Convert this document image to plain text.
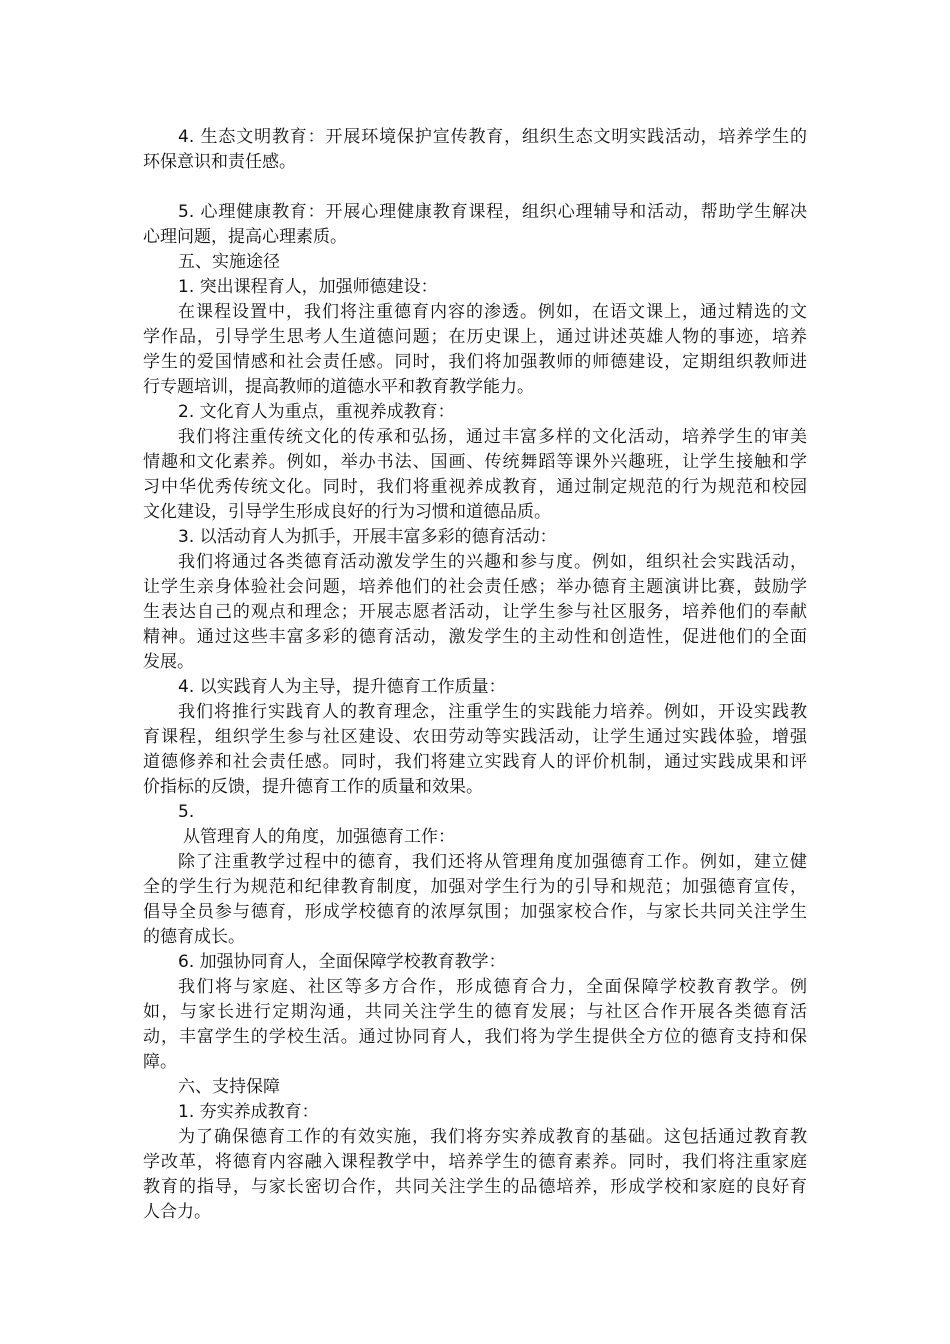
4. 生态文明教育：开展环境保护宣传教育，组织生态文明实践活动，培养学生的
环保意识和责任感。
5. 心理健康教育：开展心理健康教育课程，组织心理辅导和活动，帮助学生解决
心理问题，提高心理素质。
五、实施途径
1. 突出课程育人，加强师德建设：
在课程设置中，我们将注重德育内容的渗透。例如，在语文课上，通过精选的文
学作品，引导学生思考人生道德问题；在历史课上，通过讲述英雄人物的事迹，培养
学生的爱国情感和社会责任感。同时，我们将加强教师的师德建设，定期组织教师进
行专题培训，提高教师的道德水平和教育教学能力。
2. 文化育人为重点，重视养成教育：
我们将注重传统文化的传承和弘扬，通过丰富多样的文化活动，培养学生的审美
情趣和文化素养。例如，举办书法、国画、传统舞蹈等课外兴趣班，让学生接触和学
习中华优秀传统文化。同时，我们将重视养成教育，通过制定规范的行为规范和校园
文化建设，引导学生形成良好的行为习惯和道德品质。
3. 以活动育人为抓手，开展丰富多彩的德育活动：
我们将通过各类德育活动激发学生的兴趣和参与度。例如，组织社会实践活动，
让学生亲身体验社会问题，培养他们的社会责任感；举办德育主题演讲比赛，鼓励学
生表达自己的观点和理念；开展志愿者活动，让学生参与社区服务，培养他们的奉献
精神。通过这些丰富多彩的德育活动，激发学生的主动性和创造性，促进他们的全面
发展。
4. 以实践育人为主导，提升德育工作质量：
我们将推行实践育人的教育理念，注重学生的实践能力培养。例如，开设实践教
育课程，组织学生参与社区建设、农田劳动等实践活动，让学生通过实践体验，增强
道德修养和社会责任感。同时，我们将建立实践育人的评价机制，通过实践成果和评
价指标的反馈，提升德育工作的质量和效果。
5.
从管理育人的角度，加强德育工作：
除了注重教学过程中的德育，我们还将从管理角度加强德育工作。例如，建立健
全的学生行为规范和纪律教育制度，加强对学生行为的引导和规范；加强德育宣传，
倡导全员参与德育，形成学校德育的浓厚氛围；加强家校合作，与家长共同关注学生
的德育成长。
6. 加强协同育人，全面保障学校教育教学：
我们将与家庭、社区等多方合作，形成德育合力，全面保障学校教育教学。例
如，与家长进行定期沟通，共同关注学生的德育发展；与社区合作开展各类德育活
动，丰富学生的学校生活。通过协同育人，我们将为学生提供全方位的德育支持和保
障。
六、支持保障
1. 夯实养成教育：
为了确保德育工作的有效实施，我们将夯实养成教育的基础。这包括通过教育教
学改革，将德育内容融入课程教学中，培养学生的德育素养。同时，我们将注重家庭
教育的指导，与家长密切合作，共同关注学生的品德培养，形成学校和家庭的良好育
人合力。
